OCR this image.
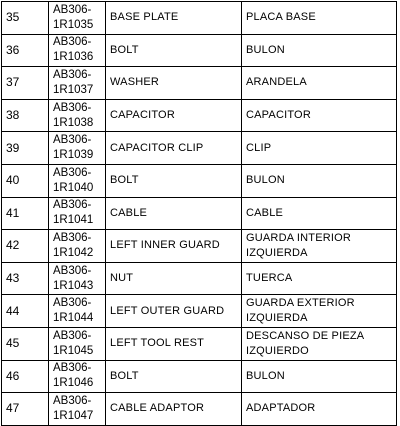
35	AB306-
1R1035	BASE PLATE	PLACA BASE

36	AB306-
1R1036	BOLT	BULON

37	AB306-
1R1037	WASHER	ARANDELA

38	AB306-
1R1038	CAPACITOR	CAPACITOR

39	AB306-
1R1039	CAPACITOR CLIP	CLIP

40	AB306-
1R1040	BOLT	BULON

41	AB306-
1R1041	CABLE	CABLE

42	AB306-
1R1042	LEFT INNER GUARD	GUARDA INTERIOR
IZQUIERDA

43	AB306-
1R1043	NUT	TUERCA

44	AB306-
1R1044	LEFT OUTER GUARD	GUARDA EXTERIOR
IZQUIERDA

45	AB306-
1R1045	LEFT TOOL REST	DESCANSO DE PIEZA
IZQUIERDO

46	AB306-
1R1046	BOLT	BULON

47	AB306-
1R1047	CABLE ADAPTOR	ADAPTADOR
